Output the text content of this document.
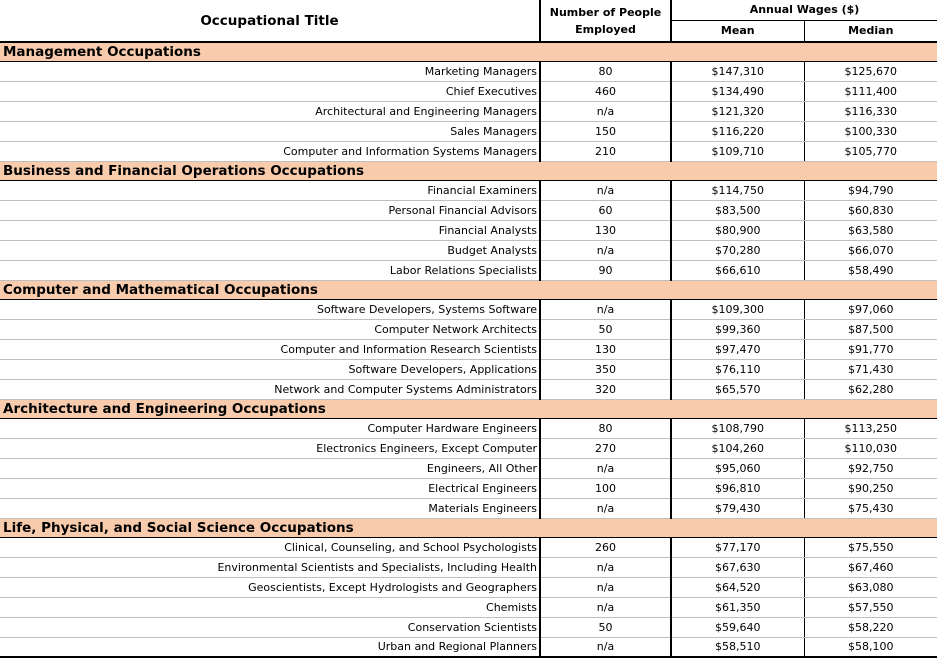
Occupational Title	Number of People Employed	Annual Wages ($)	
		Mean	Median
Management Occupations			
Marketing Managers	80	$147,310	$125,670
Chief Executives	460	$134,490	$111,400
Architectural and Engineering Managers	n/a	$121,320	$116,330
Sales Managers	150	$116,220	$100,330
Computer and Information Systems Managers	210	$109,710	$105,770
Business and Financial Operations Occupations			
Financial Examiners	n/a	$114,750	$94,790
Personal Financial Advisors	60	$83,500	$60,830
Financial Analysts	130	$80,900	$63,580
Budget Analysts	n/a	$70,280	$66,070
Labor Relations Specialists	90	$66,610	$58,490
Computer and Mathematical Occupations			
Software Developers, Systems Software	n/a	$109,300	$97,060
Computer Network Architects	50	$99,360	$87,500
Computer and Information Research Scientists	130	$97,470	$91,770
Software Developers, Applications	350	$76,110	$71,430
Network and Computer Systems Administrators	320	$65,570	$62,280
Architecture and Engineering Occupations			
Computer Hardware Engineers	80	$108,790	$113,250
Electronics Engineers, Except Computer	270	$104,260	$110,030
Engineers, All Other	n/a	$95,060	$92,750
Electrical Engineers	100	$96,810	$90,250
Materials Engineers	n/a	$79,430	$75,430
Life, Physical, and Social Science Occupations			
Clinical, Counseling, and School Psychologists	260	$77,170	$75,550
Environmental Scientists and Specialists, Including Health	n/a	$67,630	$67,460
Geoscientists, Except Hydrologists and Geographers	n/a	$64,520	$63,080
Chemists	n/a	$61,350	$57,550
Conservation Scientists	50	$59,640	$58,220
Urban and Regional Planners	n/a	$58,510	$58,100
